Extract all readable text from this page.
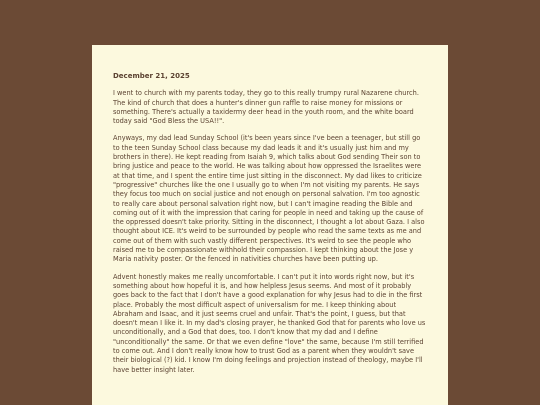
December 21, 2025

I went to church with my parents today, they go to this really trumpy rural Nazarene church. The kind of church that does a hunter's dinner gun raffle to raise money for missions or something. There's actually a taxidermy deer head in the youth room, and the white board today said "God Bless the USA!!".

Anyways, my dad lead Sunday School (it's been years since I've been a teenager, but still go to the teen Sunday School class because my dad leads it and it's usually just him and my brothers in there). He kept reading from Isaiah 9, which talks about God sending Their son to bring justice and peace to the world. He was talking about how oppressed the Israelites were at that time, and I spent the entire time just sitting in the disconnect. My dad likes to criticize "progressive" churches like the one I usually go to when I'm not visiting my parents. He says they focus too much on social justice and not enough on personal salvation. I'm too agnostic to really care about personal salvation right now, but I can't imagine reading the Bible and coming out of it with the impression that caring for people in need and taking up the cause of the oppressed doesn't take priority. Sitting in the disconnect, I thought a lot about Gaza. I also thought about ICE. It's weird to be surrounded by people who read the same texts as me and come out of them with such vastly different perspectives. It's weird to see the people who raised me to be compassionate withhold their compassion. I kept thinking about the Jose y Maria nativity poster. Or the fenced in nativities churches have been putting up.

Advent honestly makes me really uncomfortable. I can't put it into words right now, but it's something about how hopeful it is, and how helpless Jesus seems. And most of it probably goes back to the fact that I don't have a good explanation for why Jesus had to die in the first place. Probably the most difficult aspect of universalism for me. I keep thinking about Abraham and Isaac, and it just seems cruel and unfair. That's the point, I guess, but that doesn't mean I like it. In my dad's closing prayer, he thanked God that for parents who love us unconditionally, and a God that does, too. I don't know that my dad and I define "unconditionally" the same. Or that we even define "love" the same, because I'm still terrified to come out. And I don't really know how to trust God as a parent when they wouldn't save their biological (?) kid. I know I'm doing feelings and projection instead of theology, maybe I'll have better insight later.
